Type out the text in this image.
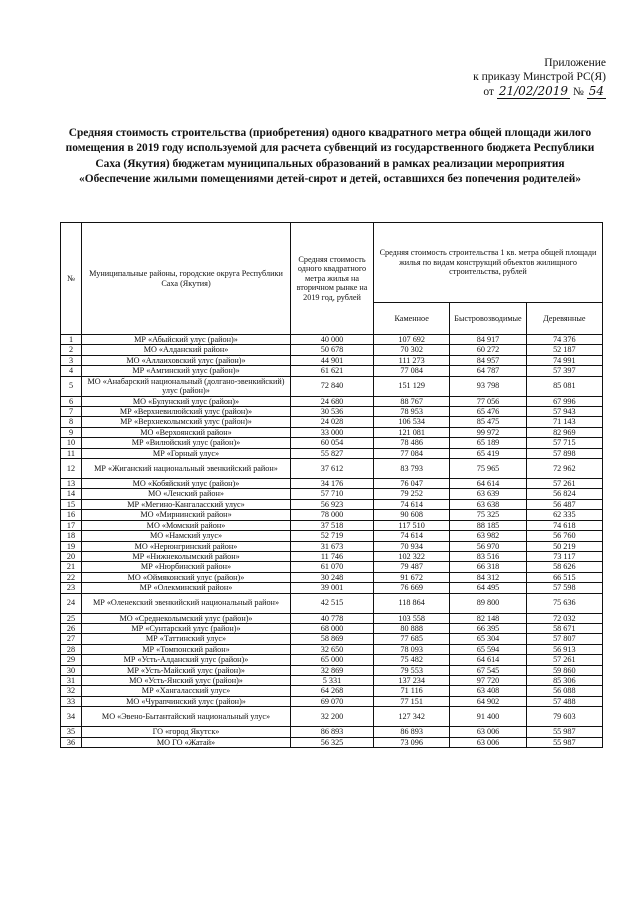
Приложение
к приказу Минстрой РС(Я)
от 21/02/2019 № 54
Средняя стоимость строительства (приобретения) одного квадратного метра общей площади жилого помещения в 2019 году используемой для расчета субвенций из государственного бюджета Республики Саха (Якутия) бюджетам муниципальных образований в рамках реализации мероприятия «Обеспечение жилыми помещениями детей-сирот и детей, оставшихся без попечения родителей»
№	Муниципальные районы, городские округа Республики Саха (Якутия)	Средняя стоимость одного квадратного метра жилья на вторичном рынке на 2019 год, рублей	Средняя стоимость строительства 1 кв. метра общей площади жилья по видам конструкций объектов жилищного строительства, рублей		
			Каменное	Быстровозводимые	Деревянные
1	МР «Абыйский улус (район)»	40 000	107 692	84 917	74 376
2	МО «Алданский район»	50 678	70 302	60 272	52 187
3	МО «Аллаиховский улус (район)»	44 901	111 273	84 957	74 991
4	МР «Амгинский улус (район)»	61 621	77 084	64 787	57 397
5	МО «Анабарский национальный (долгано-эвенкийский) улус (район)»	72 840	151 129	93 798	85 081
6	МО «Булунский улус (район)»	24 680	88 767	77 056	67 996
7	МР «Верхневилюйский улус (район)»	30 536	78 953	65 476	57 943
8	МР «Верхнеколымский улус (район)»	24 028	106 534	85 475	71 143
9	МО «Верхоянский район»	33 000	121 081	99 972	82 969
10	МР «Вилюйский улус (район)»	60 054	78 486	65 189	57 715
11	МР «Горный улус»	55 827	77 084	65 419	57 898
12	МР «Жиганский национальный эвенкийский район»	37 612	83 793	75 965	72 962
13	МО «Кобяйский улус (район)»	34 176	76 047	64 614	57 261
14	МО «Ленский район»	57 710	79 252	63 639	56 824
15	МР «Мегино-Кангаласский улус»	56 923	74 614	63 638	56 487
16	МО «Мирнинский район»	78 000	90 608	75 325	62 335
17	МО «Момский район»	37 518	117 510	88 185	74 618
18	МО «Намский улус»	52 719	74 614	63 982	56 760
19	МО «Нерюнгринский район»	31 673	70 934	56 970	50 219
20	МР «Нижнеколымский район»	11 746	102 322	83 516	73 117
21	МР «Нюрбинский район»	61 070	79 487	66 318	58 626
22	МО «Оймяконский улус (район)»	30 248	91 672	84 312	66 515
23	МР «Олекминский район»	39 001	76 669	64 495	57 598
24	МР «Оленекский эвенкийский национальный район»	42 515	118 864	89 800	75 636
25	МО «Среднеколымский улус (район)»	40 778	103 558	82 148	72 032
26	МР «Сунтарский улус (район)»	68 000	80 888	66 395	58 671
27	МР «Таттинский улус»	58 869	77 685	65 304	57 807
28	МР «Томпонский район»	32 650	78 093	65 594	56 913
29	МР «Усть-Алданский улус (район)»	65 000	75 482	64 614	57 261
30	МР «Усть-Майский улус (район)»	32 869	79 553	67 545	59 860
31	МО «Усть-Янский улус (район)»	5 331	137 234	97 720	85 306
32	МР «Хангаласский улус»	64 268	71 116	63 408	56 088
33	МО «Чурапчинский улус (район)»	69 070	77 151	64 902	57 488
34	МО «Эвено-Бытантайский национальный улус»	32 200	127 342	91 400	79 603
35	ГО «город Якутск»	86 893	86 893	63 006	55 987
36	МО ГО «Жатай»	56 325	73 096	63 006	55 987
